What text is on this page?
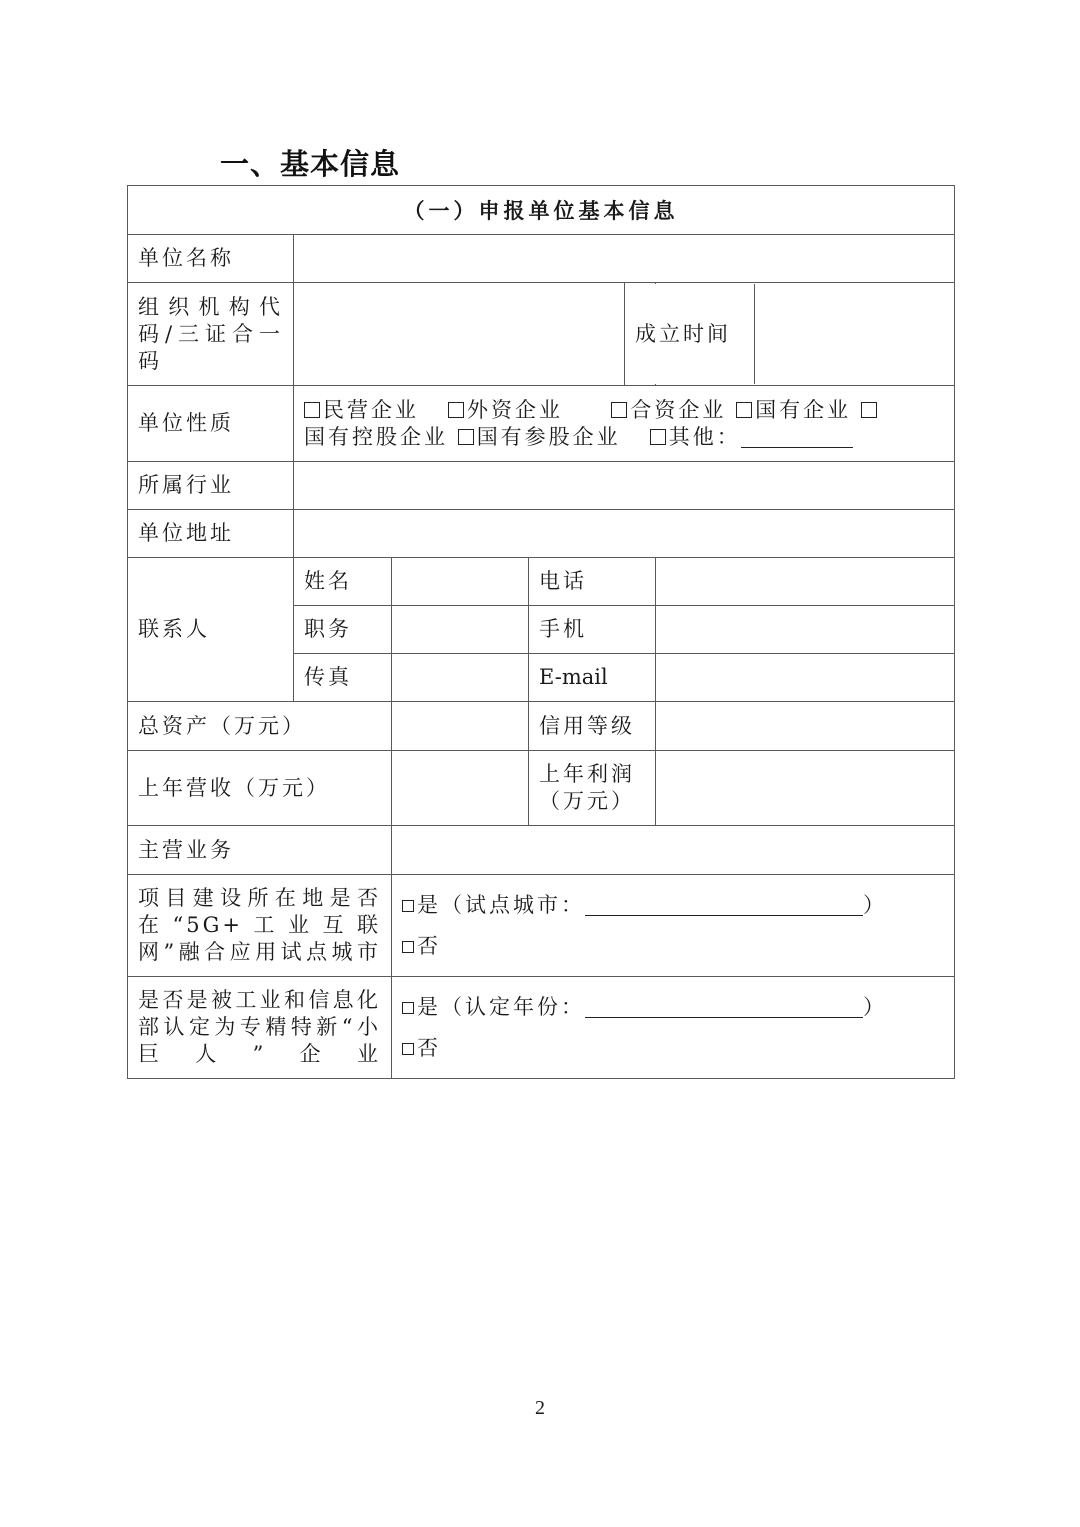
一、基本信息
（一）申报单位基本信息					
单位名称					
组织机构代码/三证合一码					成立时间

单位性质	民营企业 外资企业 合资企业 国有企业
国有控股企业 国有参股企业 其他：				
所属行业					
单位地址					
联系人	姓名		电话		
	职务		手机		
	传真		E-mail		
总资产（万元）			信用等级		
上年营收（万元）			上年利润（万元）		
主营业务					
项目建设所在地是否在“5G+工业互联网”融合应用试点城市		是（试点城市： ）
否			

是否是被工业和信息化部认定为专精特新“小巨人”企业		是（认定年份： ）
否			
2
